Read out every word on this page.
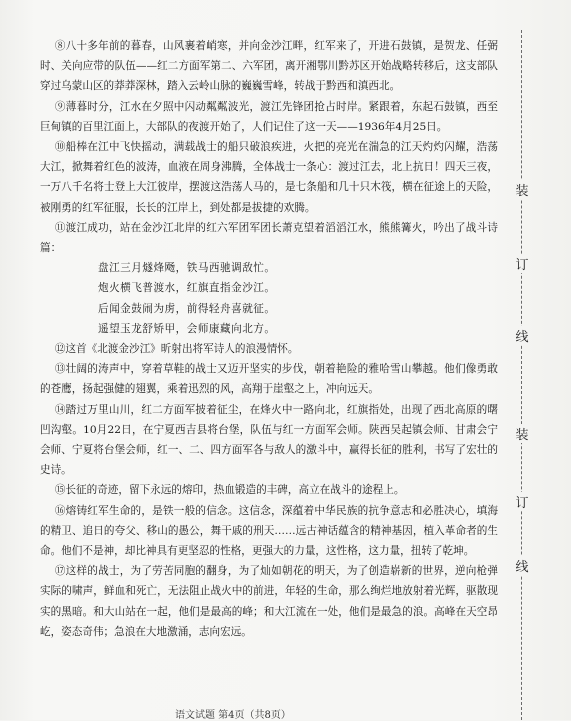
⑧八十多年前的暮春，山风裹着峭寒，并向金沙江畔，红军来了，开进石鼓镇，是贺龙、任弼时、关向应带的队伍——红二方面军第二、六军团，离开湘鄂川黔苏区开始战略转移后，这支部队穿过乌蒙山区的莽莽深林，踏入云岭山脉的巍巍雪峰，转战于黔西和滇西北。

⑨薄暮时分，江水在夕照中闪动粼粼波光，渡江先锋团抢占时岸。紧跟着，东起石鼓镇，西至巨甸镇的百里江面上，大部队的夜渡开始了，人们记住了这一天——1936年4月25日。

⑩船棒在江中飞快摇动，满载战士的船只破浪疾进，火把的亮光在湍急的江天灼灼闪耀，浩荡大江，掀舞着红色的波涛，血液在周身沸腾，全体战士一条心：渡过江去，北上抗日！四天三夜，一万八千名将士登上大江彼岸，摆渡这浩荡人马的，是七条船和几十只木筏，横在征途上的天险，被刚勇的红军征服，长长的江岸上，到处都是拔捷的欢腾。

⑪渡江成功，站在金沙江北岸的红六军团军团长萧克望着滔滔江水，熊熊篝火，吟出了战斗诗篇：

盘江三月燧烽飏，铁马西驰调敌忙。

炮火横飞普渡水，红旗直指金沙江。

后闻金鼓闹为虏，前得轻舟喜就征。

遥望玉龙舒矫甲，会师康藏向北方。

⑫这首《北渡金沙江》昕射出将军诗人的浪漫情怀。

⑬壮阔的涛声中，穿着草鞋的战士又迈开坚实的步伐，朝着艳险的雅哈雪山攀越。他们像勇敢的苍鹰，扬起强健的翅翼，乘着迅烈的风，高翔于崖壑之上，冲向远天。

⑭踏过万里山川，红二方面军披着征尘，在烽火中一路向北，红旗指处，出现了西北高原的曙凹沟壑。10月22日，在宁夏西吉县将台堡，队伍与红一方面军会师。陕西吴起镇会师、甘肃会宁会师、宁夏将台堡会师，红一、二、四方面军各与敌人的激斗中，赢得长征的胜利，书写了宏壮的史诗。

⑮长征的奇迹，留下永远的熔印，热血锻造的丰碑，高立在战斗的途程上。

⑯熔铸红军生命的，是铁一般的信念。这信念，深蕴着中华民族的抗争意志和必胜决心，填海的精卫、追日的夸父、移山的愚公，舞干戚的刑天……远古神话蕴含的精神基因，植入革命者的生命。他们不是神，却比神具有更坚忍的性格，更强大的力量，这性格，这力量，扭转了乾坤。

⑰这样的战士，为了劳苦同胞的翻身，为了灿如朝花的明天，为了创造崭新的世界，逆向枪弹实际的啸声，鲜血和死亡，无法阻止战火中的前进，年轻的生命，那么绚烂地放射着光辉，驱散现实的黑暗。和大山站在一起，他们是最高的峰；和大江流在一处，他们是最急的浪。高峰在天空昂屹，姿态奇伟；急浪在大地激涌，志向宏远。

语文试题 第4页（共8页）
装
订
线
装
订
线
